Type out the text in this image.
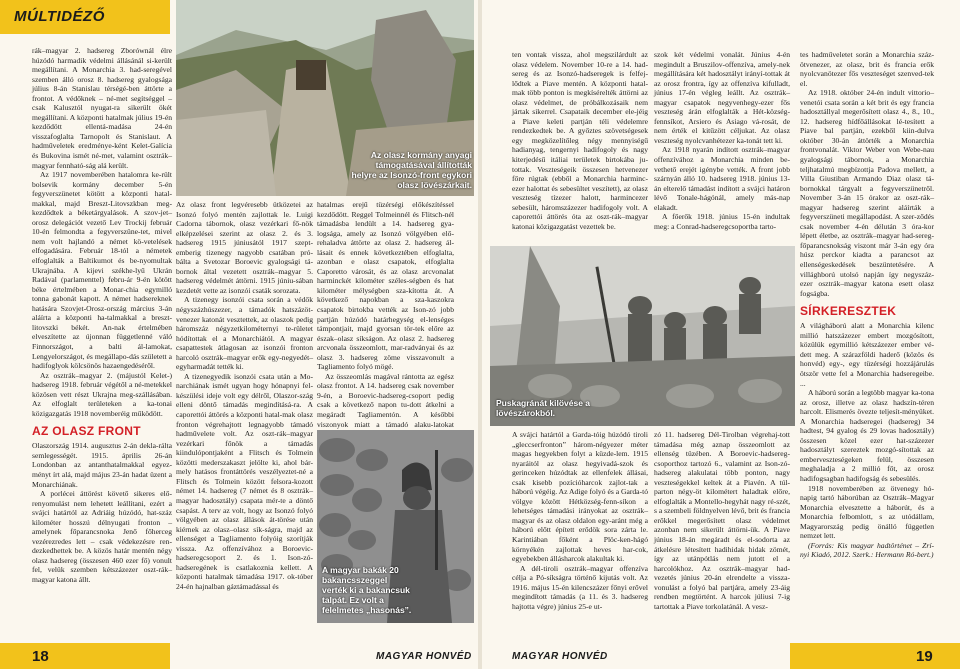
MÚLTIDÉZŐ

rák–magyar 2. hadsereg Zborównál élre húzódó harmadik védelmi állásánál si-került megállítani. A Monarchia 3. had-seregével szemben álló orosz 8. hadsereg gyalogsága július 8-án Stanislau térségé-ben áttörte a frontot. A védőknek – né-met segítséggel – csak Kalusztól nyugat-ra sikerült ökét megállítani. A központi hatalmak július 19-én kezdődött ellentá-madása 24-én visszafoglalta Tarnopolt és Stanislaut. A hadműveletek eredménye-ként Kelet-Galícia és Bukovina ismét né-met, valamint osztrák–magyar fennható-ság alá került.

Az 1917 novemberében hatalomra ke-rült bolsevik kormány december 5-én fegyverszünetet kötött a központi hatal-makkal, majd Breszt-Litovszkban meg-kezdődtek a béketárgyalások. A szov-jet–orosz delegációt vezető Lev Trockij február 10-én felmondta a fegyverszüne-tet, mivel nem volt hajlandó a német kö-vetelések elfogadására. Február 18-tól a németek elfoglalták a Baltikumot és be-nyomultak Ukrajnába. A kijevi székhe-lyű Ukrán Radával (parlamenttel) febru-ár 9-én kötött béke értelmében a Monar-chia egymilló tonna gabonát kapott. A német hadsereknek hatására Szovjet-Orosz-ország március 3-án aláírta a központi ha-talmakkal a breszt-litovszki békét. An-nak értelmében elveszítette az újonnan függetlenné váló Finnországot, a balti ál-lamokat, Lengyelországot, és megállapo-dás született a hadifoglyok kölcsönös hazaengedéséről.

Az osztrák–magyar 2. (májustól Kelet-) hadsereg 1918. február végétől a né-metekkel közösen vett részt Ukrajna meg-szállásában. Az elfoglalt területeken a ka-tonai közigazgatás 1918 novemberéig működött.

AZ OLASZ FRONT

Olaszország 1914. augusztus 2-án dekla-rálta semlegességét. 1915. április 26-án Londonban az antanthatalmakkal egyez-ményt írt alá, majd május 23-án hadat üzent a Monarchiának.

A porlécei áttörést követő sikeres elő-renyomulást nem lehetett leállítani, ezért a svájci határtól az Adriáig húzódó, hat-száz kilométer hosszú délnyugati fronton – amelynek főparancsnoka Jenő főherceg vezérezredes lett – csak védekezésre ren-dezkedhettek be. A közös határ mentén négy olasz hadsereg (összesen 460 ezer fő) vonult fel, velük szemben kétszázezer oszt-rák–magyar katona állt.

Az olasz kormány anyagi támogatásával állították helyre az Isonzó-front egykori olasz lövészárkait.

Az olasz front legvéresebb ütközetei az Isonzó folyó mentén zajlottak le. Luigi Cadorna tábornok, olasz vezérkari fő-nök elképzelései szerint az olasz 2. és 3. hadsereg 1915 júniusától 1917 szept-emberig tizenegy nagyobb csatában pró-bálta a Svetozar Boroevic gyalogsági tá-bornok által vezetett osztrák–magyar 5. hadsereg védelmét áttörni. 1915 júniu-sában kezdetét vette az isonzói csaták sorozata.

A tizenegy isonzói csata során a védők négyszázhúszezer, a támadók hatszázöt-venezer katonát vesztettek, az olaszok pedig háromszáz négyzetkilométernyi te-rületet hódítottak el a Monarchiától. A magyar csapattestek átlagosan az isonzói fronton harcoló osztrák–magyar erők egy-negyedét–egyharmadát tették ki.

A tizenegyedik isonzói csata után a Mo-narchiának ismét ugyan hogy hónapnyi fel-készülési ideje volt egy délről, Olaszor-szág elleni döntő támadás megindításá-ra. A caporettói áttörés a központi hatal-mak olasz fronton végrehajtott legnagyobb támadó hadművelete volt. Az oszt-rák–magyar vezérkari főnök a támadás kiindulópontjaként a Flitsch és Tolmein közötti mederszakaszt jelölte ki, ahol bár-mely hatásos frontáttörés veszélyeztet-né a Flitsch és Tolmein között felsora-kozott német 14. hadsereg (7 német és 8 osztrák–magyar hadosztály) csapata mér-te a döntő csapást. A terv az volt, hogy az Isonzó folyó völgyében az olasz állások át-törése után kiérnek az olasz–olasz sík-ságra, majd az ellenséget a Tagliamento folyóig szorítják vissza. Az offenzívához a Boroevic-hadseregcsoport 2. és 1. Ison-zó-hadseregének is csatlakoznia kellett. A központi hatalmak támadása 1917. ok-tóber 24-én hajnalban gáztámadással és

hatalmas erejű tüzérségi előkészítéssel kezdődött. Reggel Tolmeinnél és Flitsch-nél támadásba lendült a 14. hadsereg gya-logsága, amely az Isonzó völgyében elő-rehaladva áttörte az olasz 2. hadsereg ál-lásait és ennek következtében elfoglalta, azonban e olasz csapatok, elfoglalta Caporetto városát, és az olasz arcvonalat harminckét kilométer széles-ségben és hat kilométer mélységben sza-kította át. A következő napokban a sza-kaszokra csapatok birtokba vették az Ison-zó jobb partján húzódó határhegység el-lenséges támpontjait, majd gyorsan tör-tek előre az észak–olasz síkságon. Az olasz 2. hadsereg arcvonala összeomlott, mar-radványai és az olasz 3. hadsereg zöme visszavonult a Tagliamento folyó mögé.

Az összeomlás magával rántotta az egész olasz frontot. A 14. hadsereg csak november 9-én, a Boroevic-hadsereg-csoport pedig csak a következő napon tu-dott átkelni a megáradt Tagliamentón. A későbbi viszonyok miatt a támadó alaku-latokat

A magyar bakák 20 bakancsszeggel verték ki a bakancsuk talpát. Ez volt a felelmetes „hasonás”.
18	MAGYAR HONVÉD

ten vontak vissza, ahol megszilárdult az olasz védelem. November 10-re a 14. had-sereg és az Isonzó-hadseregek is felfej-lődtek a Piave mentén. A központi hatal-mak több ponton is megkísérelték áttörni az olasz védelmet, de próbálkozásaik nem jártak sikerrel. Csapataik december ele-jéig a Piave keleti partján téli védelemre rendezkedtek be. A győztes szövetségesek egy megközelítőleg négy mennyiségű hadianyag, tengernyi hadifogoly és nagy kiterjedésű itáliai területek birtokába ju-tottak. Veszteségeik összesen hetvenezer főre rúgtak (ebből a Monarchia harminc-ezer halottat és sebesültet veszített), az olasz veszteség tízezer halott, harmincezer sebesült, háromszázezer hadifogoly volt. A caporettói áttörés óta az oszt-rák–magyar katonai közigazgatást vezettek be.

szok két védelmi vonalát. Június 4-én megindult a Bruszilov-offenzíva, amely-nek megállítására két hadosztályt irányí-tottak át az orosz frontra, így az offenzíva kifulladt, június 17-én végleg leállt. Az osztrák–magyar csapatok negyvenhegy-ezer fős veszteség árán elfoglalták a Hét-község-fennsíkot, Arsiero és Asiago vá-rosát, de nem érték el kitűzött céljukat. Az olasz veszteség nyolcvanhétezer ka-tonát tett ki.

Az 1918 nyarán indított osztrák–magyar offenzívához a Monarchia minden be-vethető erejét igénybe vették. A front jobb szárnyán álló 10. hadsereg 1918. június 13-án elterelő támadást indított a svájci határon lévő Tonale-hágónál, amely más-nap elakadt.

A főerők 1918. június 15-én indultak meg: a Conrad-hadseregcsoportba tarto-

Puskagránát kilövése a lövészárokból.

A svájci határtól a Garda-tóig húzódó tiroli „gleccserfronton” három-négyezer méter magas hegyekben folyt a küzde-lem. 1915 nyaráitól az olasz hegyivadá-szok és gerinceken húzódtak az ellenfelek állásai, csak kisebb pozícióharcok zajlot-tak a háború végéig. Az Adige folyó és a Garda-tó völgye között Hétközség-fenn-síkon a lehetséges támadási irányokat az osztrák–magyar és az olasz oldalon egy-aránt még a háború előtt épített erődök sora zárta le. Karintiában főként a Plöc-ken-hágó környékén zajlottak heves har-cok, egyebekben állásharcok alakultak ki.

A dél-tiroli osztrák–magyar offenzíva célja a Pó-síkságra történő kijutás volt. Az 1916. május 15-én kilencszázer főnyi erővel megindított támadás (a 11. és 3. hadsereg hajtotta végre) június 25-e ut-

zó 11. hadsereg Dél-Tirolban végrehaj-tott támadása még aznap összeomlott az ellenség tüzében. A Boroevic-hadsereg-csoporthoz tartozó 6., valamint az Ison-zó-hadsereg alakulatai több ponton, nagy veszteségekkel keltek át a Piavén. A túl-parton négy-öt kilométert haladtak előre, elfoglalták a Montello-hegyhát nagy ré-szét, s a szembeli földnyelven lévő, brit és francia erőkkel megerősített olasz védelmet azonban nem sikerült áttörni-ük. A Piave június 18-án megáradt és el-sodorta az átkelésre létesített hadihidak hidak zömét, így az utánpótlás nem jutott el a harcolókhoz. Az osztrák–magyar had-vezetés június 20-án elrendelte a vissza-vonulást a folyó bal partjára, amely 23-áig rendben megtörtént. A harcok júliusi 7-ig tartottak a Piave torkolatánál. A vesz-

tes hadműveletet során a Monarchia száz-ötvenezer, az olasz, brit és francia erők nyolcvanötezer fős veszteséget szenved-tek el.

Az 1918. október 24-én indult vittorio–venetói csata során a két brit és egy francia hadosztállyal megerősített olasz 4., 8., 10., 12. hadsereg hídfőállásokat lé-tesített a Piave bal partján, ezekből kiin-dulva október 30-án áttörték a Monarchia frontvonalát. Viktor Weber von Webe-nau gyalogsági tábornok, a Monarchia teljhatalmú megbízottja Padova mellett, a Villa Giustiban Armando Diaz olasz tá-bornokkal tárgyalt a fegyverszünetről. November 3-án 15 órakor az oszt-rák–magyar hadsereg szerint aláírták a fegyverszüneti megállapodást. A szer-ződés csak november 4-én délután 3 óra-kor lépett életbe, az osztrák–magyar had-sereg-főparancsnokság viszont már 3-án egy óra húsz perckor kiadta a parancsot az ellenségeskedések beszüntetésére. A villághború utolsó napján így negyszáz-ezer osztrák–magyar katona esett olasz fogságba.

SÍRKERESZTEK

A világháború alatt a Monarchia kilenc millió hatszázezer embert mozgósított, közülük egymillió kétszázezer ember vé-dett meg. A szárazföldi haderő (közös és honvéd) egy-, egy tüzérségi hozzájárulás ötször vette fel a Monarchia hadseregeibe. ...

A háború során a legtöbb magyar ka-tona az orosz, illetve az olasz hadszín-téren harcolt. Elismerés övezte teljesít-ményüket. A Monarchia hadseregei (hadsereg) 34 hadtest, 94 gyalog és 29 lovas hadosztály) összesen közel ezer hat-százezer hadosztályt szereztek mozgó-sítottak az emberveszteségeken felül, összesen meghaladja a 2 millió főt, az orosz hadifogsagban hadifogság és sebesülés.

1918 novemberében az ötvenegy hó-napig tartó háborúban az Osztrák–Magyar Monarchia elvesztette a háborút, és a Monarchia felbomlott, s az utódállam, Magyarország pedig önálló független nemzet lett.

(Forrás: Kis magyar hadtörténet – Zrí-nyi Kiadó, 2012. Szerk.: Hermann Ró-bert.)

MAGYAR HONVÉD	19
